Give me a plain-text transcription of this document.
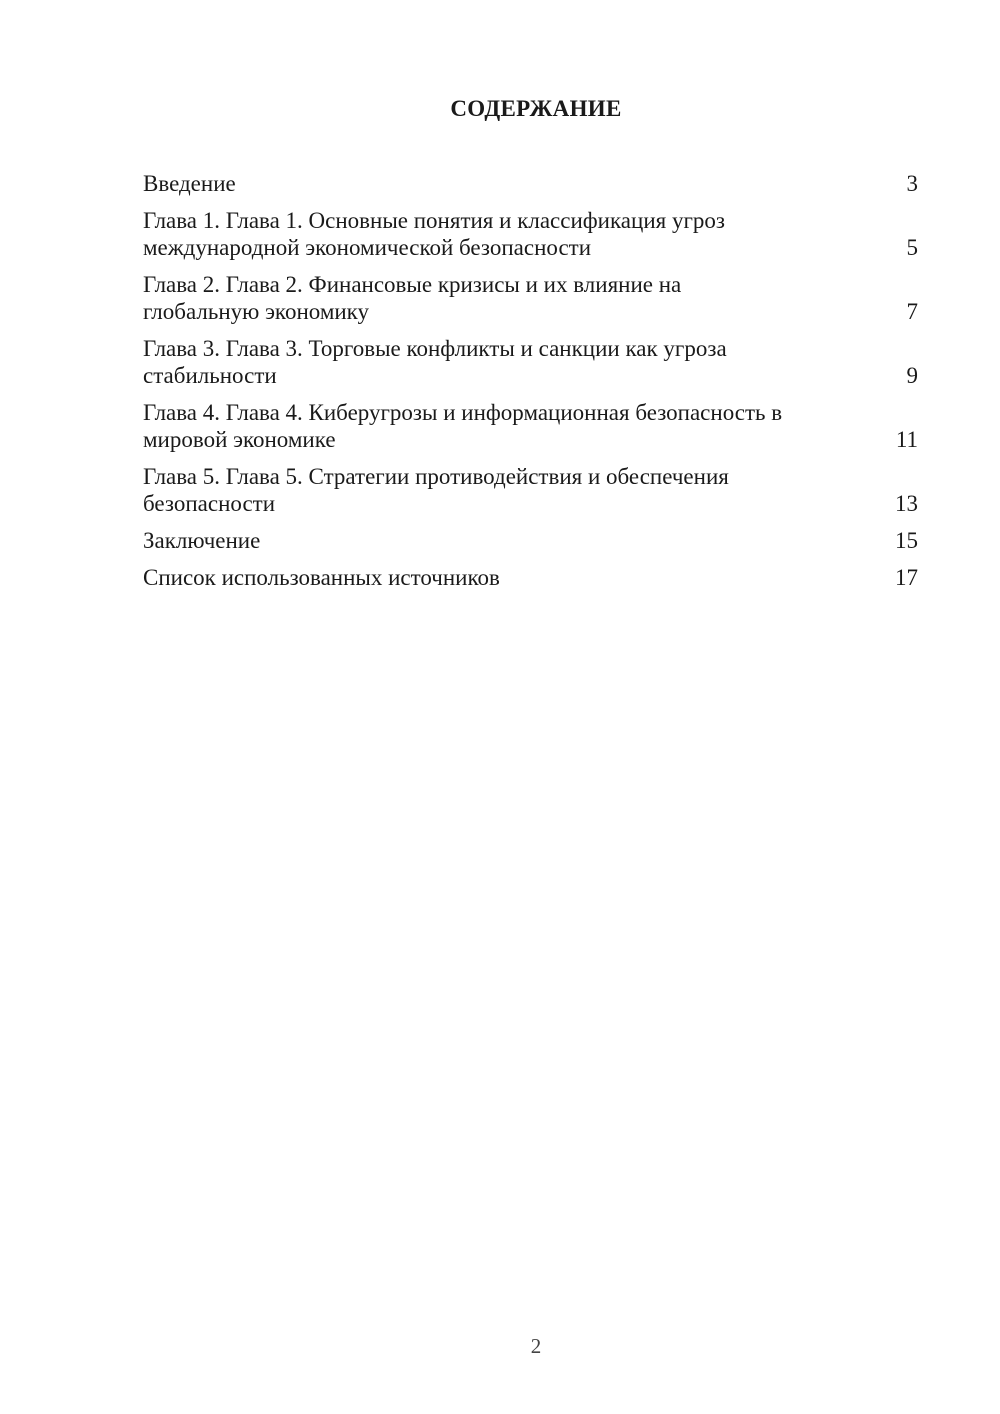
СОДЕРЖАНИЕ
Введение	3
Глава 1. Глава 1. Основные понятия и классификация угроз международной экономической безопасности	5
Глава 2. Глава 2. Финансовые кризисы и их влияние на глобальную экономику	7
Глава 3. Глава 3. Торговые конфликты и санкции как угроза стабильности	9
Глава 4. Глава 4. Киберугрозы и информационная безопасность в мировой экономике	11
Глава 5. Глава 5. Стратегии противодействия и обеспечения безопасности	13
Заключение	15
Список использованных источников	17
2
